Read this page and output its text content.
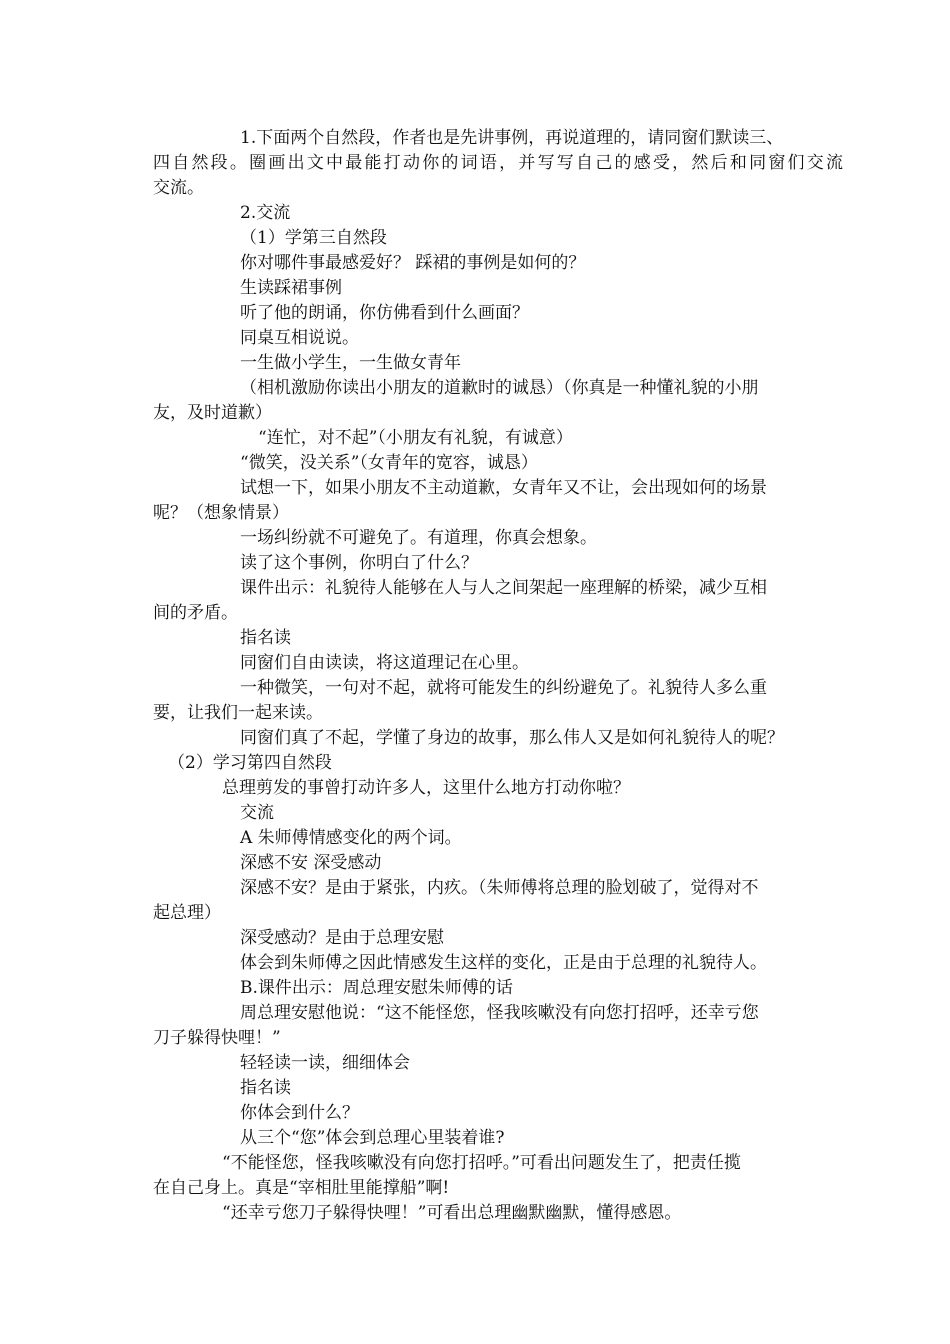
1.下面两个自然段，作者也是先讲事例，再说道理的，请同窗们默读三、
四自然段。圈画出文中最能打动你的词语，并写写自己的感受，然后和同窗们交流
交流。
2.交流
（1）学第三自然段
你对哪件事最感爱好？ 踩裙的事例是如何的？
生读踩裙事例
听了他的朗诵，你仿佛看到什么画面？
同桌互相说说。
一生做小学生，一生做女青年
（相机激励你读出小朋友的道歉时的诚恳）（你真是一种懂礼貌的小朋
友，及时道歉）
“连忙，对不起”（小朋友有礼貌，有诚意）
“微笑，没关系”（女青年的宽容，诚恳）
试想一下，如果小朋友不主动道歉，女青年又不让，会出现如何的场景
呢？（想象情景）
一场纠纷就不可避免了。有道理，你真会想象。
读了这个事例，你明白了什么？
课件出示：礼貌待人能够在人与人之间架起一座理解的桥梁，减少互相
间的矛盾。
指名读
同窗们自由读读，将这道理记在心里。
一种微笑，一句对不起，就将可能发生的纠纷避免了。礼貌待人多么重
要，让我们一起来读。
同窗们真了不起，学懂了身边的故事，那么伟人又是如何礼貌待人的呢？
（2）学习第四自然段
总理剪发的事曾打动许多人，这里什么地方打动你啦？
交流
A 朱师傅情感变化的两个词。
深感不安 深受感动
深感不安？是由于紧张，内疚。（朱师傅将总理的脸划破了，觉得对不
起总理）
深受感动？是由于总理安慰
体会到朱师傅之因此情感发生这样的变化，正是由于总理的礼貌待人。
B.课件出示：周总理安慰朱师傅的话
周总理安慰他说：“这不能怪您，怪我咳嗽没有向您打招呼，还幸亏您
刀子躲得快哩！”
轻轻读一读，细细体会
指名读
你体会到什么？
从三个“您”体会到总理心里装着谁?
“不能怪您，怪我咳嗽没有向您打招呼。”可看出问题发生了，把责任揽
在自己身上。真是“宰相肚里能撑船”啊!
“还幸亏您刀子躲得快哩！”可看出总理幽默幽默，懂得感恩。
